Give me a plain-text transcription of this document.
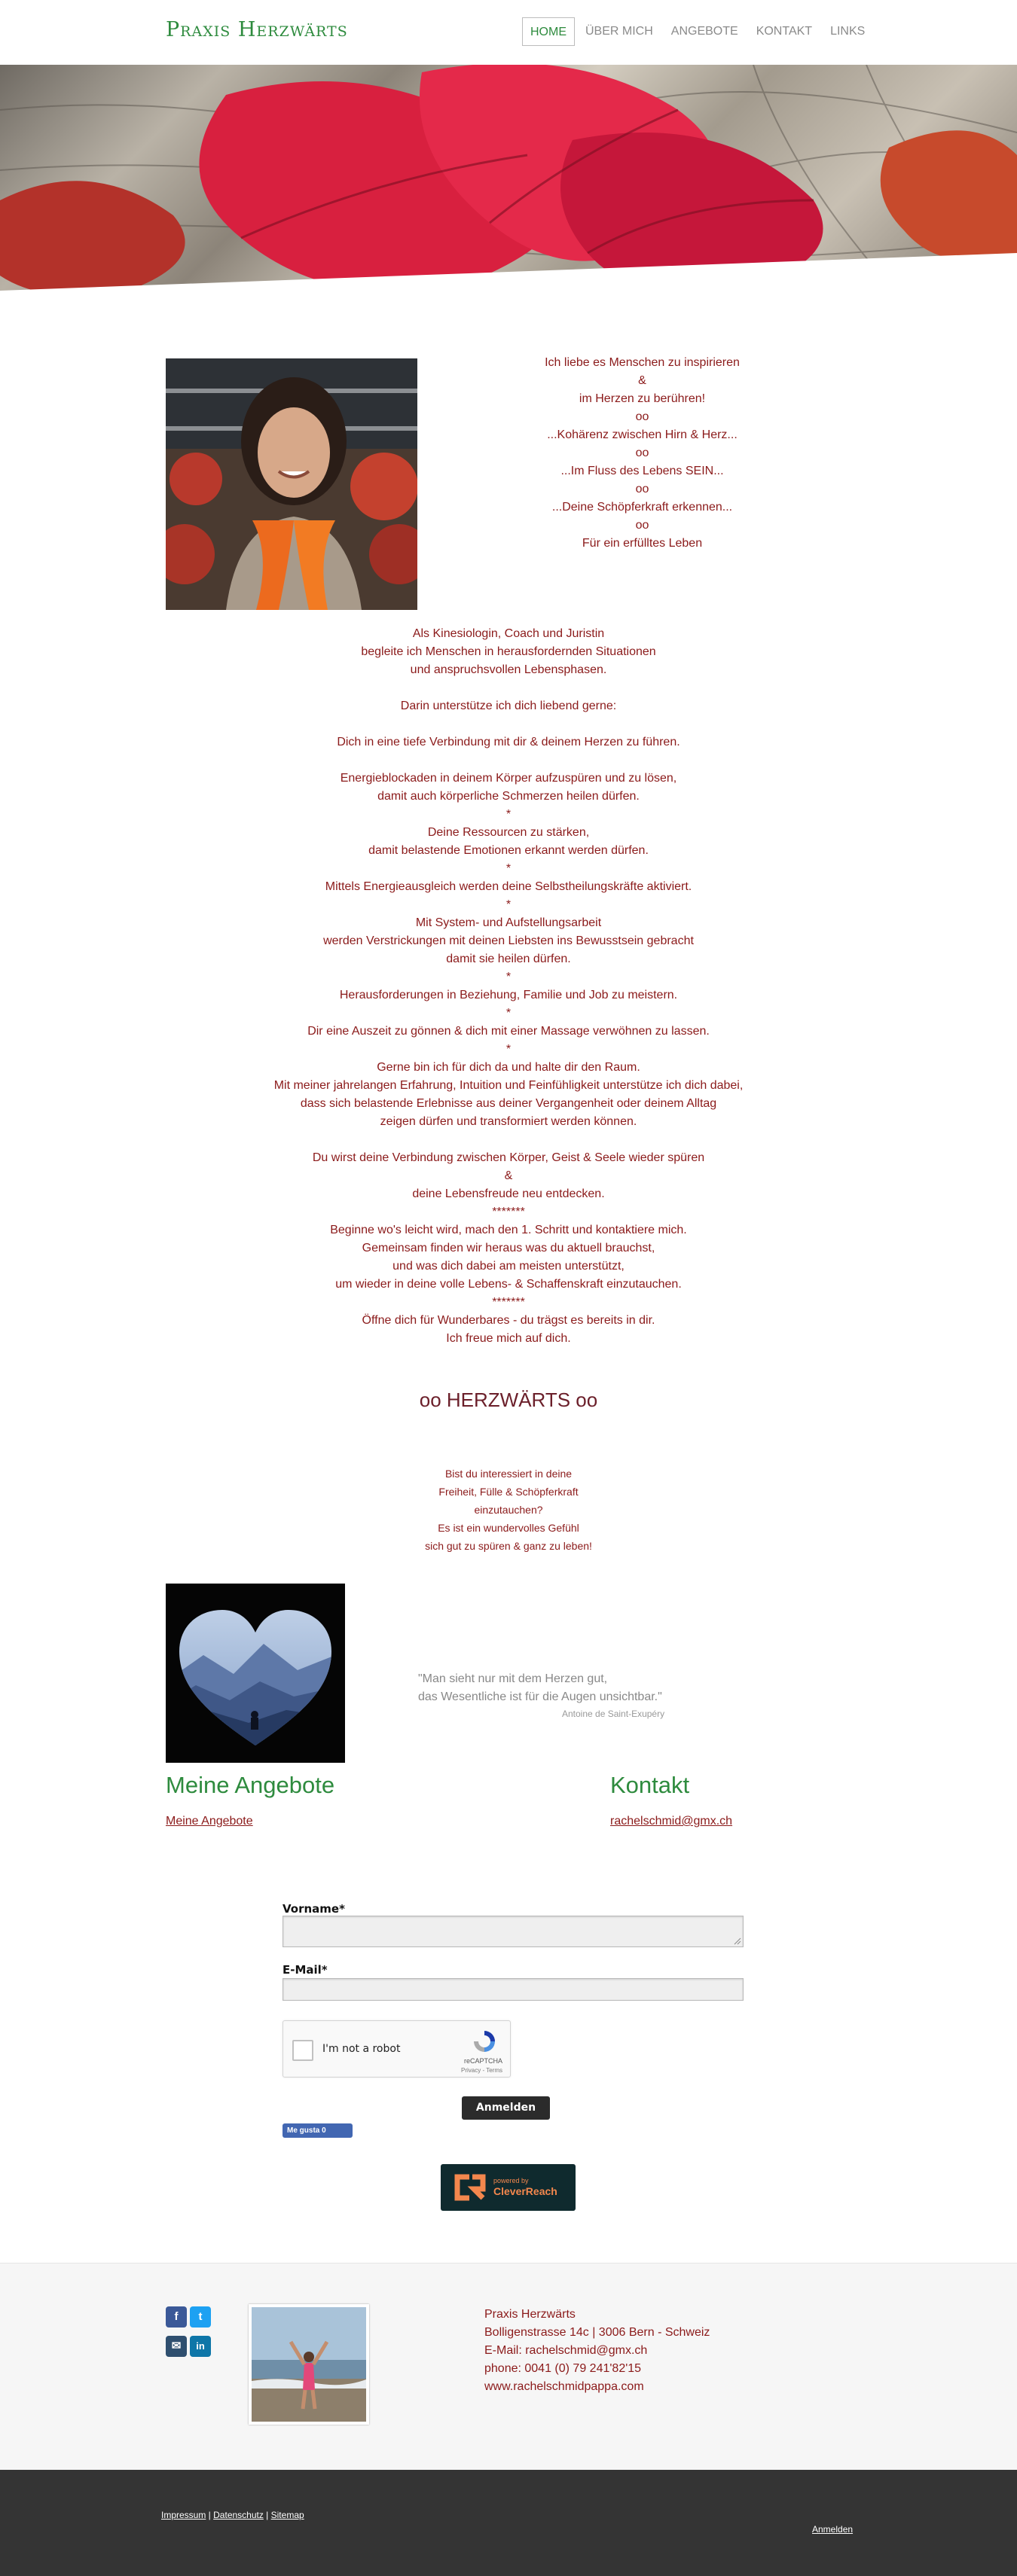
Praxis Herzwärts	HOME	ÜBER MICH	ANGEBOTE	KONTAKT	LINKS
Ich liebe es Menschen zu inspirieren
&
im Herzen zu berühren!
oo
...Kohärenz zwischen Hirn & Herz...
oo
...Im Fluss des Lebens SEIN...
oo
...Deine Schöpferkraft erkennen...
oo
Für ein erfülltes Leben
Als Kinesiologin, Coach und Juristin
begleite ich Menschen in herausfordernden Situationen
und anspruchsvollen Lebensphasen.
Darin unterstütze ich dich liebend gerne:
Dich in eine tiefe Verbindung mit dir & deinem Herzen zu führen.
Energieblockaden in deinem Körper aufzuspüren und zu lösen,
damit auch körperliche Schmerzen heilen dürfen.
*
Deine Ressourcen zu stärken,
damit belastende Emotionen erkannt werden dürfen.
*
Mittels Energieausgleich werden deine Selbstheilungskräfte aktiviert.
*
Mit System- und Aufstellungsarbeit
werden Verstrickungen mit deinen Liebsten ins Bewusstsein gebracht
damit sie heilen dürfen.
*
Herausforderungen in Beziehung, Familie und Job zu meistern.
*
Dir eine Auszeit zu gönnen & dich mit einer Massage verwöhnen zu lassen.
*
Gerne bin ich für dich da und halte dir den Raum.
Mit meiner jahrelangen Erfahrung, Intuition und Feinfühligkeit unterstütze ich dich dabei,
dass sich belastende Erlebnisse aus deiner Vergangenheit oder deinem Alltag
zeigen dürfen und transformiert werden können.
Du wirst deine Verbindung zwischen Körper, Geist & Seele wieder spüren
&
deine Lebensfreude neu entdecken.
*******
Beginne wo's leicht wird, mach den 1. Schritt und kontaktiere mich.
Gemeinsam finden wir heraus was du aktuell brauchst,
und was dich dabei am meisten unterstützt,
um wieder in deine volle Lebens- & Schaffenskraft einzutauchen.
*******
Öffne dich für Wunderbares - du trägst es bereits in dir.
Ich freue mich auf dich.
oo HERZWÄRTS oo
Bist du interessiert in deine
Freiheit, Fülle & Schöpferkraft
einzutauchen?
Es ist ein wundervolles Gefühl
sich gut zu spüren & ganz zu leben!
"Man sieht nur mit dem Herzen gut,
das Wesentliche ist für die Augen unsichtbar."
Antoine de Saint-Exupéry
Meine Angebote
Meine Angebote
Kontakt
rachelschmid@gmx.ch
Vorname*
E-Mail*
I'm not a robot
reCAPTCHA
Privacy - Terms
Anmelden
Me gusta 0
powered by
CleverReach
f	t
✉	in
Praxis Herzwärts
Bolligenstrasse 14c | 3006 Bern - Schweiz
E-Mail: rachelschmid@gmx.ch
phone: 0041 (0) 79 241'82'15
www.rachelschmidpappa.com
Impressum | Datenschutz | Sitemap
Anmelden
